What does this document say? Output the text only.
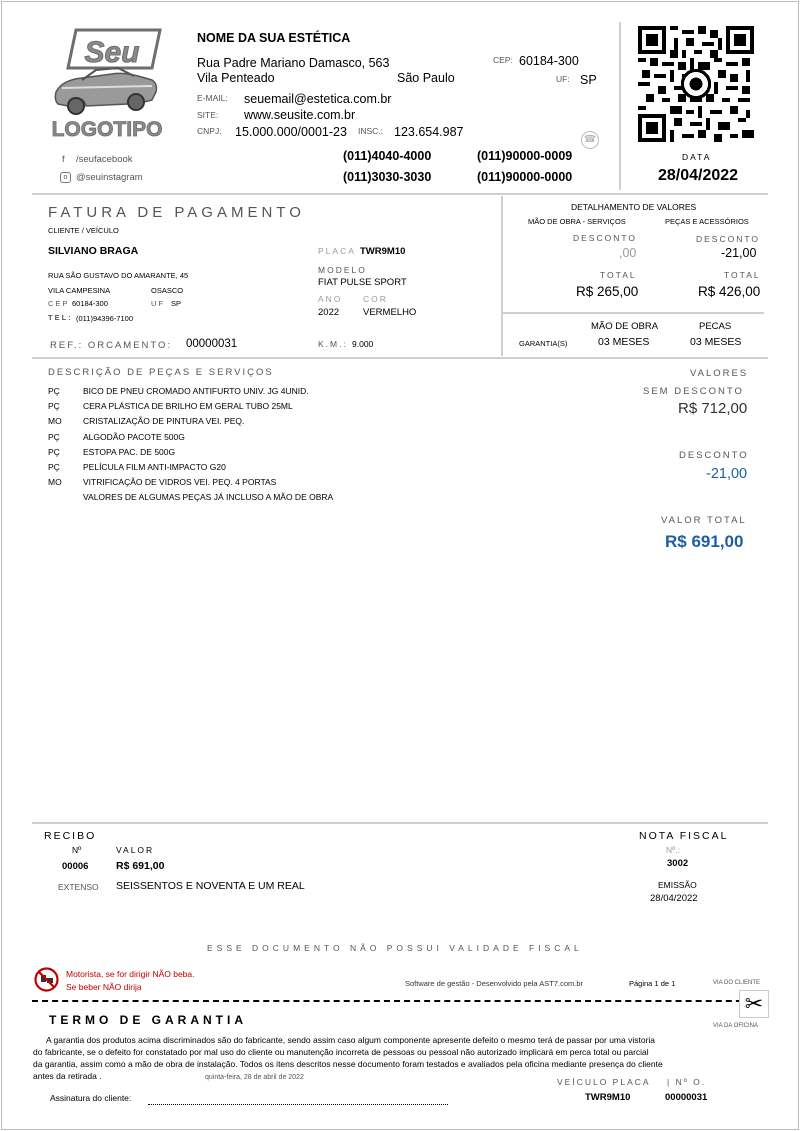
Seu
LOGOTIPO
f /seufacebook
o @seuinstagram
NOME DA SUA ESTÉTICA
Rua Padre Mariano Damasco, 563
Vila Penteado	São Paulo
CEP: 60184-300
UF: SP
E-MAIL: seuemail@estetica.com.br
SITE: www.seusite.com.br
CNPJ: 15.000.000/0001-23 INSC.: 123.654.987
☎
(011)4040-4000	(011)90000-0009
(011)3030-3030	(011)90000-0000
DATA
28/04/2022
FATURA DE PAGAMENTO
CLIENTE / VEÍCULO
SILVIANO BRAGA
RUA SÃO GUSTAVO DO AMARANTE, 45
VILA CAMPESINA	OSASCO
CEP 60184-300	UF SP
TEL: (011)94396-7100
PLACA TWR9M10
MODELO
FIAT PULSE SPORT
ANO COR
2022	VERMELHO
REF.: ORCAMENTO: 00000031	K.M.: 9.000
DETALHAMENTO DE VALORES
MÃO DE OBRA - SERVIÇOS	PEÇAS E ACESSÓRIOS
DESCONTO	DESCONTO
,00	-21,00
TOTAL	TOTAL
R$ 265,00	R$ 426,00
MÃO DE OBRA	PECAS
GARANTIA(S)	03 MESES	03 MESES
DESCRIÇÃO DE PEÇAS E SERVIÇOS
PÇ	BICO DE PNEU CROMADO ANTIFURTO UNIV. JG 4UNID.
PÇ	CERA PLÁSTICA DE BRILHO EM GERAL TUBO 25ML
MO	CRISTALIZAÇÃO DE PINTURA VEI. PEQ.
PÇ	ALGODÃO PACOTE 500G
PÇ	ESTOPA PAC. DE 500G
PÇ	PELÍCULA FILM ANTI-IMPACTO G20
MO	VITRIFICAÇÃO DE VIDROS VEI. PEQ. 4 PORTAS
VALORES DE ALGUMAS PEÇAS JÁ INCLUSO A MÃO DE OBRA
VALORES
SEM DESCONTO
R$ 712,00
DESCONTO
-21,00
VALOR TOTAL
R$ 691,00
RECIBO
Nº	VALOR
00006	R$ 691,00
EXTENSO SEISSENTOS E NOVENTA E UM REAL
NOTA FISCAL
Nº.:
3002
EMISSÃO
28/04/2022
ESSE DOCUMENTO NÃO POSSUI VALIDADE FISCAL
Motorista, se for dirigir NÃO beba.
Se beber NÃO dirija	Software de gestão - Desenvolvido pela AST7.com.br	Página 1 de 1	VIA DO CLIENTE
✂
VIA DA OFICINA
TERMO DE GARANTIA
A garantia dos produtos acima discriminados são do fabricante, sendo assim caso algum componente apresente defeito o mesmo terá de passar por uma vistoria
do fabricante, se o defeito for constatado por mal uso do cliente ou manutenção incorreta de pessoas ou pessoal não autorizado implicará em perca total ou parcial
da garantia, assim como a mão de obra de instalação. Todos os itens descritos nesse documento foram testados e avaliados pela oficina mediante presença do cliente
antes da retirada .	quinta-feira, 28 de abril de 2022	VEÍCULO PLACA | Nº O.
TWR9M10	00000031
Assinatura do cliente:
